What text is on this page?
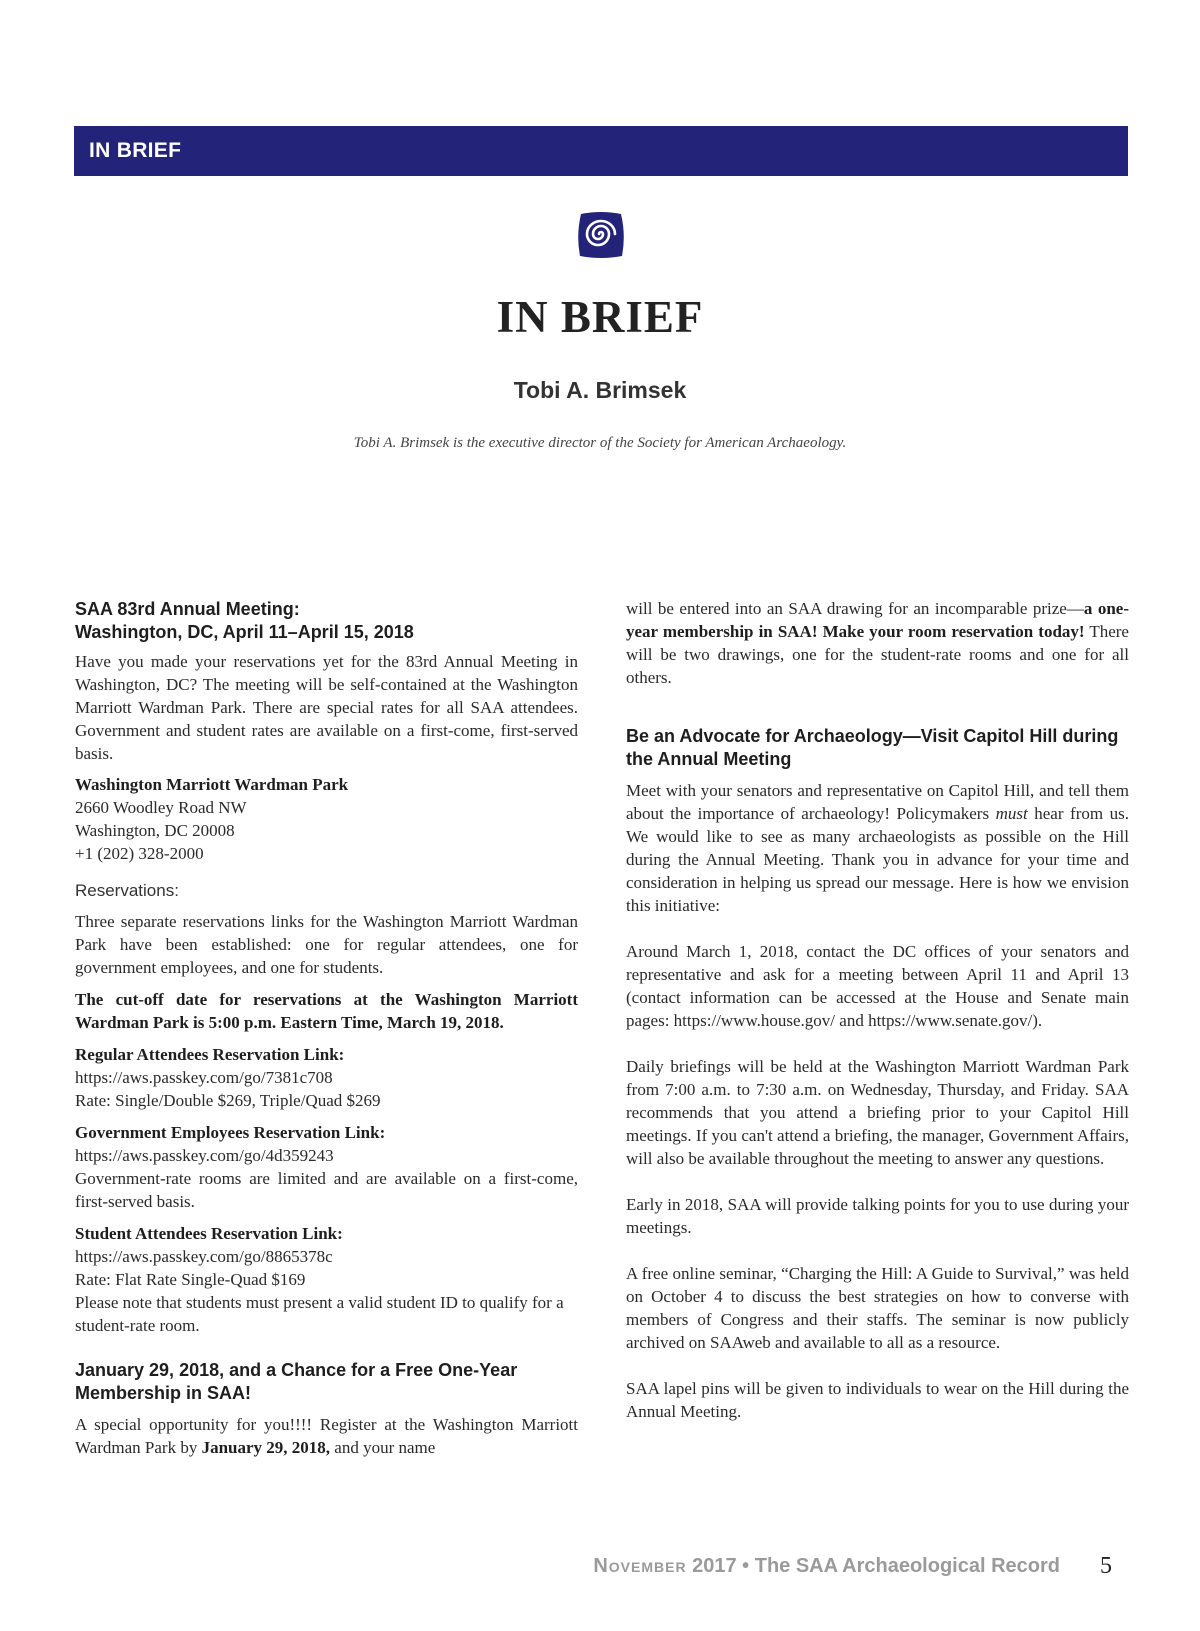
IN BRIEF
IN BRIEF
Tobi A. Brimsek
Tobi A. Brimsek is the executive director of the Society for American Archaeology.
SAA 83rd Annual Meeting:
Washington, DC, April 11–April 15, 2018

Have you made your reservations yet for the 83rd Annual Meeting in Washington, DC? The meeting will be self-contained at the Washington Marriott Wardman Park. There are special rates for all SAA attendees. Government and student rates are available on a first-come, first-served basis.

Washington Marriott Wardman Park
2660 Woodley Road NW
Washington, DC 20008
+1 (202) 328-2000
Reservations:

Three separate reservations links for the Washington Marriott Wardman Park have been established: one for regular attendees, one for government employees, and one for students.

The cut-off date for reservations at the Washington Marriott Wardman Park is 5:00 p.m. Eastern Time, March 19, 2018.

Regular Attendees Reservation Link:
https://aws.passkey.com/go/7381c708
Rate: Single/Double $269, Triple/Quad $269
Government Employees Reservation Link:
https://aws.passkey.com/go/4d359243

Government-rate rooms are limited and are available on a first-come, first-served basis.

Student Attendees Reservation Link:
https://aws.passkey.com/go/8865378c
Rate: Flat Rate Single-Quad $169

Please note that students must present a valid student ID to qualify for a student-rate room.

January 29, 2018, and a Chance for a Free One-Year Membership in SAA!

A special opportunity for you!!!! Register at the Washington Marriott Wardman Park by January 29, 2018, and your name

will be entered into an SAA drawing for an incomparable prize—a one-year membership in SAA! Make your room reservation today! There will be two drawings, one for the student-rate rooms and one for all others.

Be an Advocate for Archaeology—Visit Capitol Hill during the Annual Meeting

Meet with your senators and representative on Capitol Hill, and tell them about the importance of archaeology! Policymakers must hear from us. We would like to see as many archaeologists as possible on the Hill during the Annual Meeting. Thank you in advance for your time and consideration in helping us spread our message. Here is how we envision this initiative:

Around March 1, 2018, contact the DC offices of your senators and representative and ask for a meeting between April 11 and April 13 (contact information can be accessed at the House and Senate main pages: https://www.house.gov/ and https://www.senate.gov/).

Daily briefings will be held at the Washington Marriott Wardman Park from 7:00 a.m. to 7:30 a.m. on Wednesday, Thursday, and Friday. SAA recommends that you attend a briefing prior to your Capitol Hill meetings. If you can't attend a briefing, the manager, Government Affairs, will also be available throughout the meeting to answer any questions.

Early in 2018, SAA will provide talking points for you to use during your meetings.

A free online seminar, “Charging the Hill: A Guide to Survival,” was held on October 4 to discuss the best strategies on how to converse with members of Congress and their staffs. The seminar is now publicly archived on SAAweb and available to all as a resource.

SAA lapel pins will be given to individuals to wear on the Hill during the Annual Meeting.

November 2017 • The SAA Archaeological Record 5
